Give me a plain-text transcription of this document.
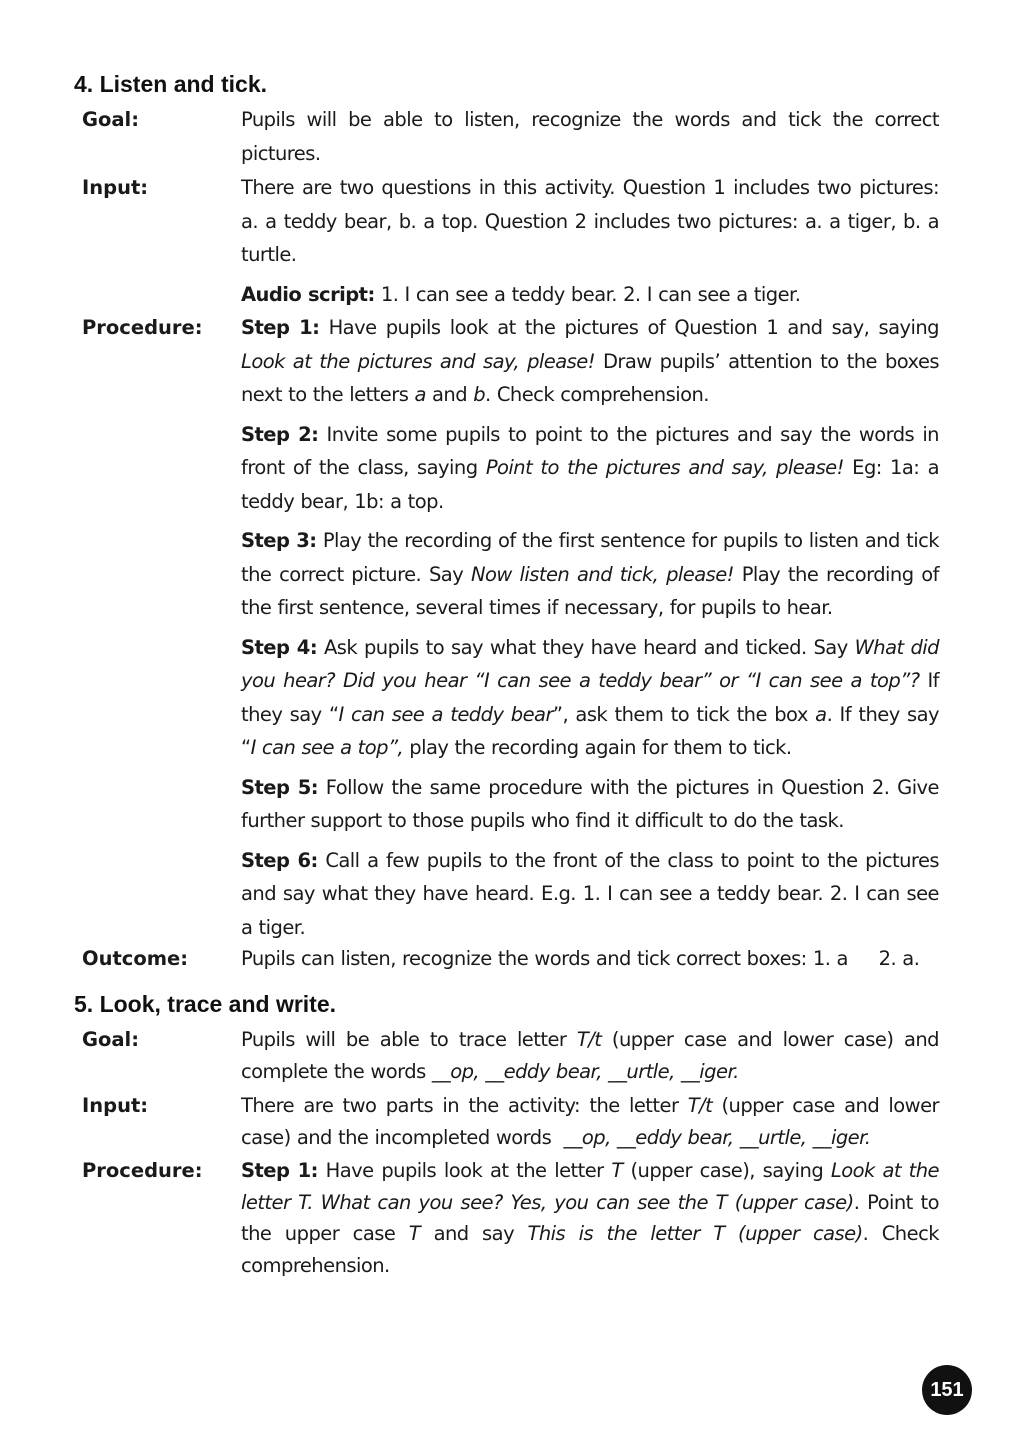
4. Listen and tick.
Goal:	Pupils will be able to listen, recognize the words and tick the correct pictures.
Input:	There are two questions in this activity. Question 1 includes two pictures: a. a teddy bear, b. a top. Question 2 includes two pictures: a. a tiger, b. a turtle.

Audio script: 1. I can see a teddy bear. 2. I can see a tiger.

Procedure:	Step 1: Have pupils look at the pictures of Question 1 and say, saying Look at the pictures and say, please! Draw pupils’ attention to the boxes next to the letters a and b. Check comprehension.

Step 2: Invite some pupils to point to the pictures and say the words in front of the class, saying Point to the pictures and say, please! Eg: 1a: a teddy bear, 1b: a top.

Step 3: Play the recording of the first sentence for pupils to listen and tick the correct picture. Say Now listen and tick, please! Play the recording of the first sentence, several times if necessary, for pupils to hear.

Step 4: Ask pupils to say what they have heard and ticked. Say What did you hear? Did you hear “I can see a teddy bear” or “I can see a top”? If they say “I can see a teddy bear”, ask them to tick the box a. If they say “I can see a top”, play the recording again for them to tick.

Step 5: Follow the same procedure with the pictures in Question 2. Give further support to those pupils who find it difficult to do the task.

Step 6: Call a few pupils to the front of the class to point to the pictures and say what they have heard. E.g. 1. I can see a teddy bear. 2. I can see a tiger.

Outcome:	Pupils can listen, recognize the words and tick correct boxes: 1. a     2. a.
5. Look, trace and write.
Goal:	Pupils will be able to trace letter T/t (upper case and lower case) and complete the words __op, __eddy bear, __urtle, __iger.
Input:	There are two parts in the activity: the letter T/t (upper case and lower case) and the incompleted words  __op, __eddy bear, __urtle, __iger.
Procedure:	Step 1: Have pupils look at the letter T (upper case), saying Look at the letter T. What can you see? Yes, you can see the T (upper case). Point to the upper case T and say This is the letter T (upper case). Check comprehension.

151
